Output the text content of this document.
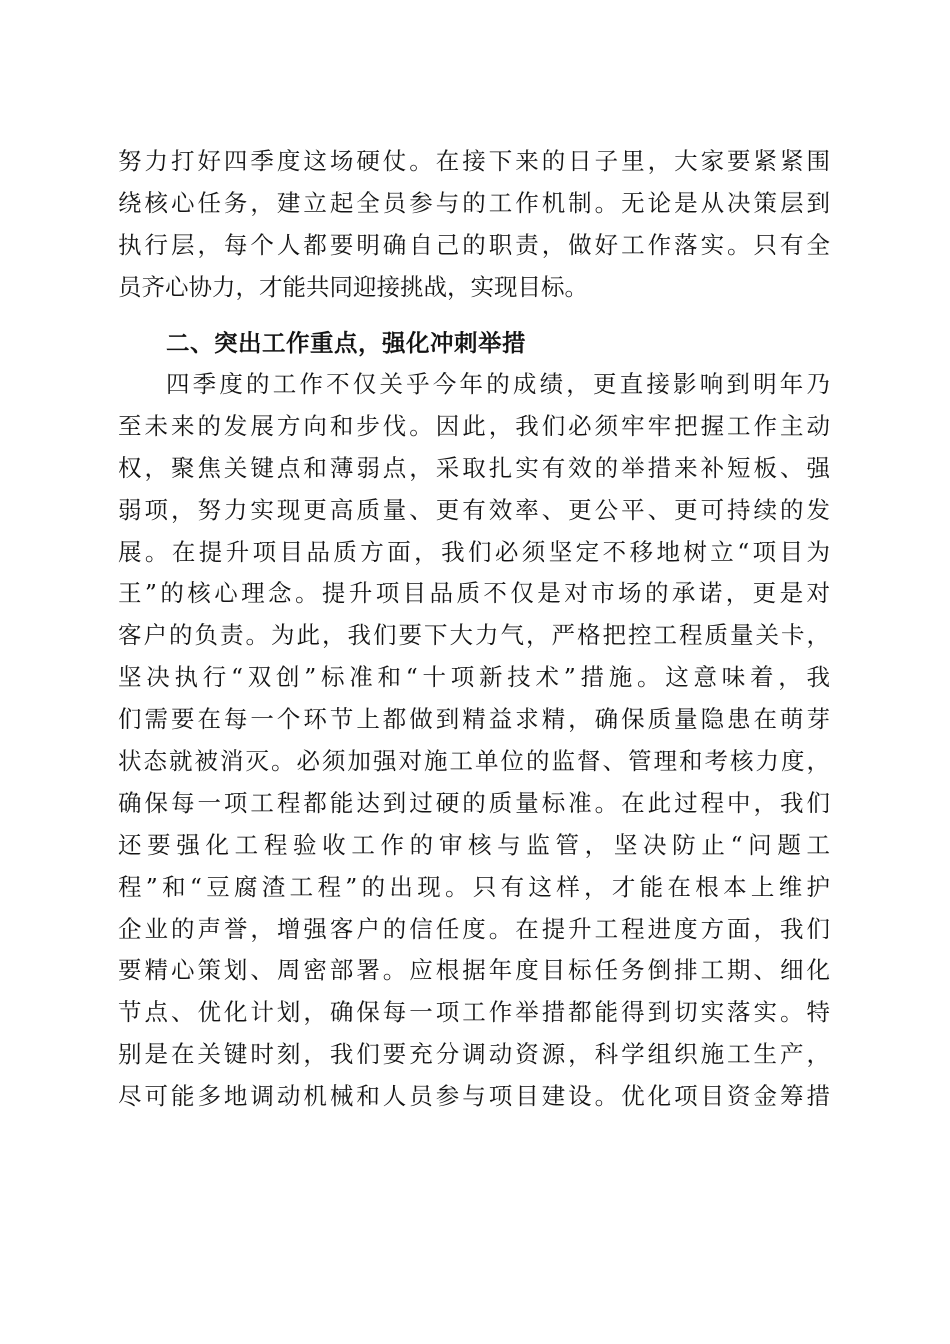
努力打好四季度这场硬仗。在接下来的日子里，大家要紧紧围
绕核心任务，建立起全员参与的工作机制。无论是从决策层到
执行层，每个人都要明确自己的职责，做好工作落实。只有全
员齐心协力，才能共同迎接挑战，实现目标。
二、突出工作重点，强化冲刺举措
四季度的工作不仅关乎今年的成绩，更直接影响到明年乃
至未来的发展方向和步伐。因此，我们必须牢牢把握工作主动
权，聚焦关键点和薄弱点，采取扎实有效的举措来补短板、强
弱项，努力实现更高质量、更有效率、更公平、更可持续的发
展。在提升项目品质方面，我们必须坚定不移地树立“项目为
王”的核心理念。提升项目品质不仅是对市场的承诺，更是对
客户的负责。为此，我们要下大力气，严格把控工程质量关卡，
坚决执行“双创”标准和“十项新技术”措施。这意味着，我
们需要在每一个环节上都做到精益求精，确保质量隐患在萌芽
状态就被消灭。必须加强对施工单位的监督、管理和考核力度，
确保每一项工程都能达到过硬的质量标准。在此过程中，我们
还要强化工程验收工作的审核与监管，坚决防止“问题工
程”和“豆腐渣工程”的出现。只有这样，才能在根本上维护
企业的声誉，增强客户的信任度。在提升工程进度方面，我们
要精心策划、周密部署。应根据年度目标任务倒排工期、细化
节点、优化计划，确保每一项工作举措都能得到切实落实。特
别是在关键时刻，我们要充分调动资源，科学组织施工生产，
尽可能多地调动机械和人员参与项目建设。优化项目资金筹措
